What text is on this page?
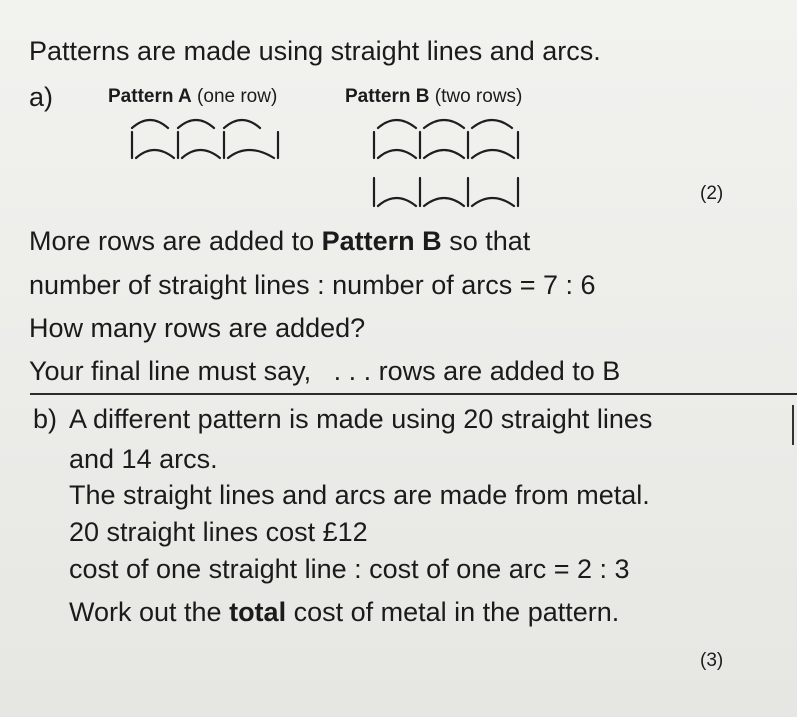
Patterns are made using straight lines and arcs.
a)	Pattern A (one row)	Pattern B (two rows)
(2)
More rows are added to Pattern B so that
number of straight lines : number of arcs = 7 : 6
How many rows are added?
Your final line must say,   . . . rows are added to B
b) A different pattern is made using 20 straight lines
and 14 arcs.
The straight lines and arcs are made from metal.
20 straight lines cost £12
cost of one straight line : cost of one arc = 2 : 3
Work out the total cost of metal in the pattern.
(3)
